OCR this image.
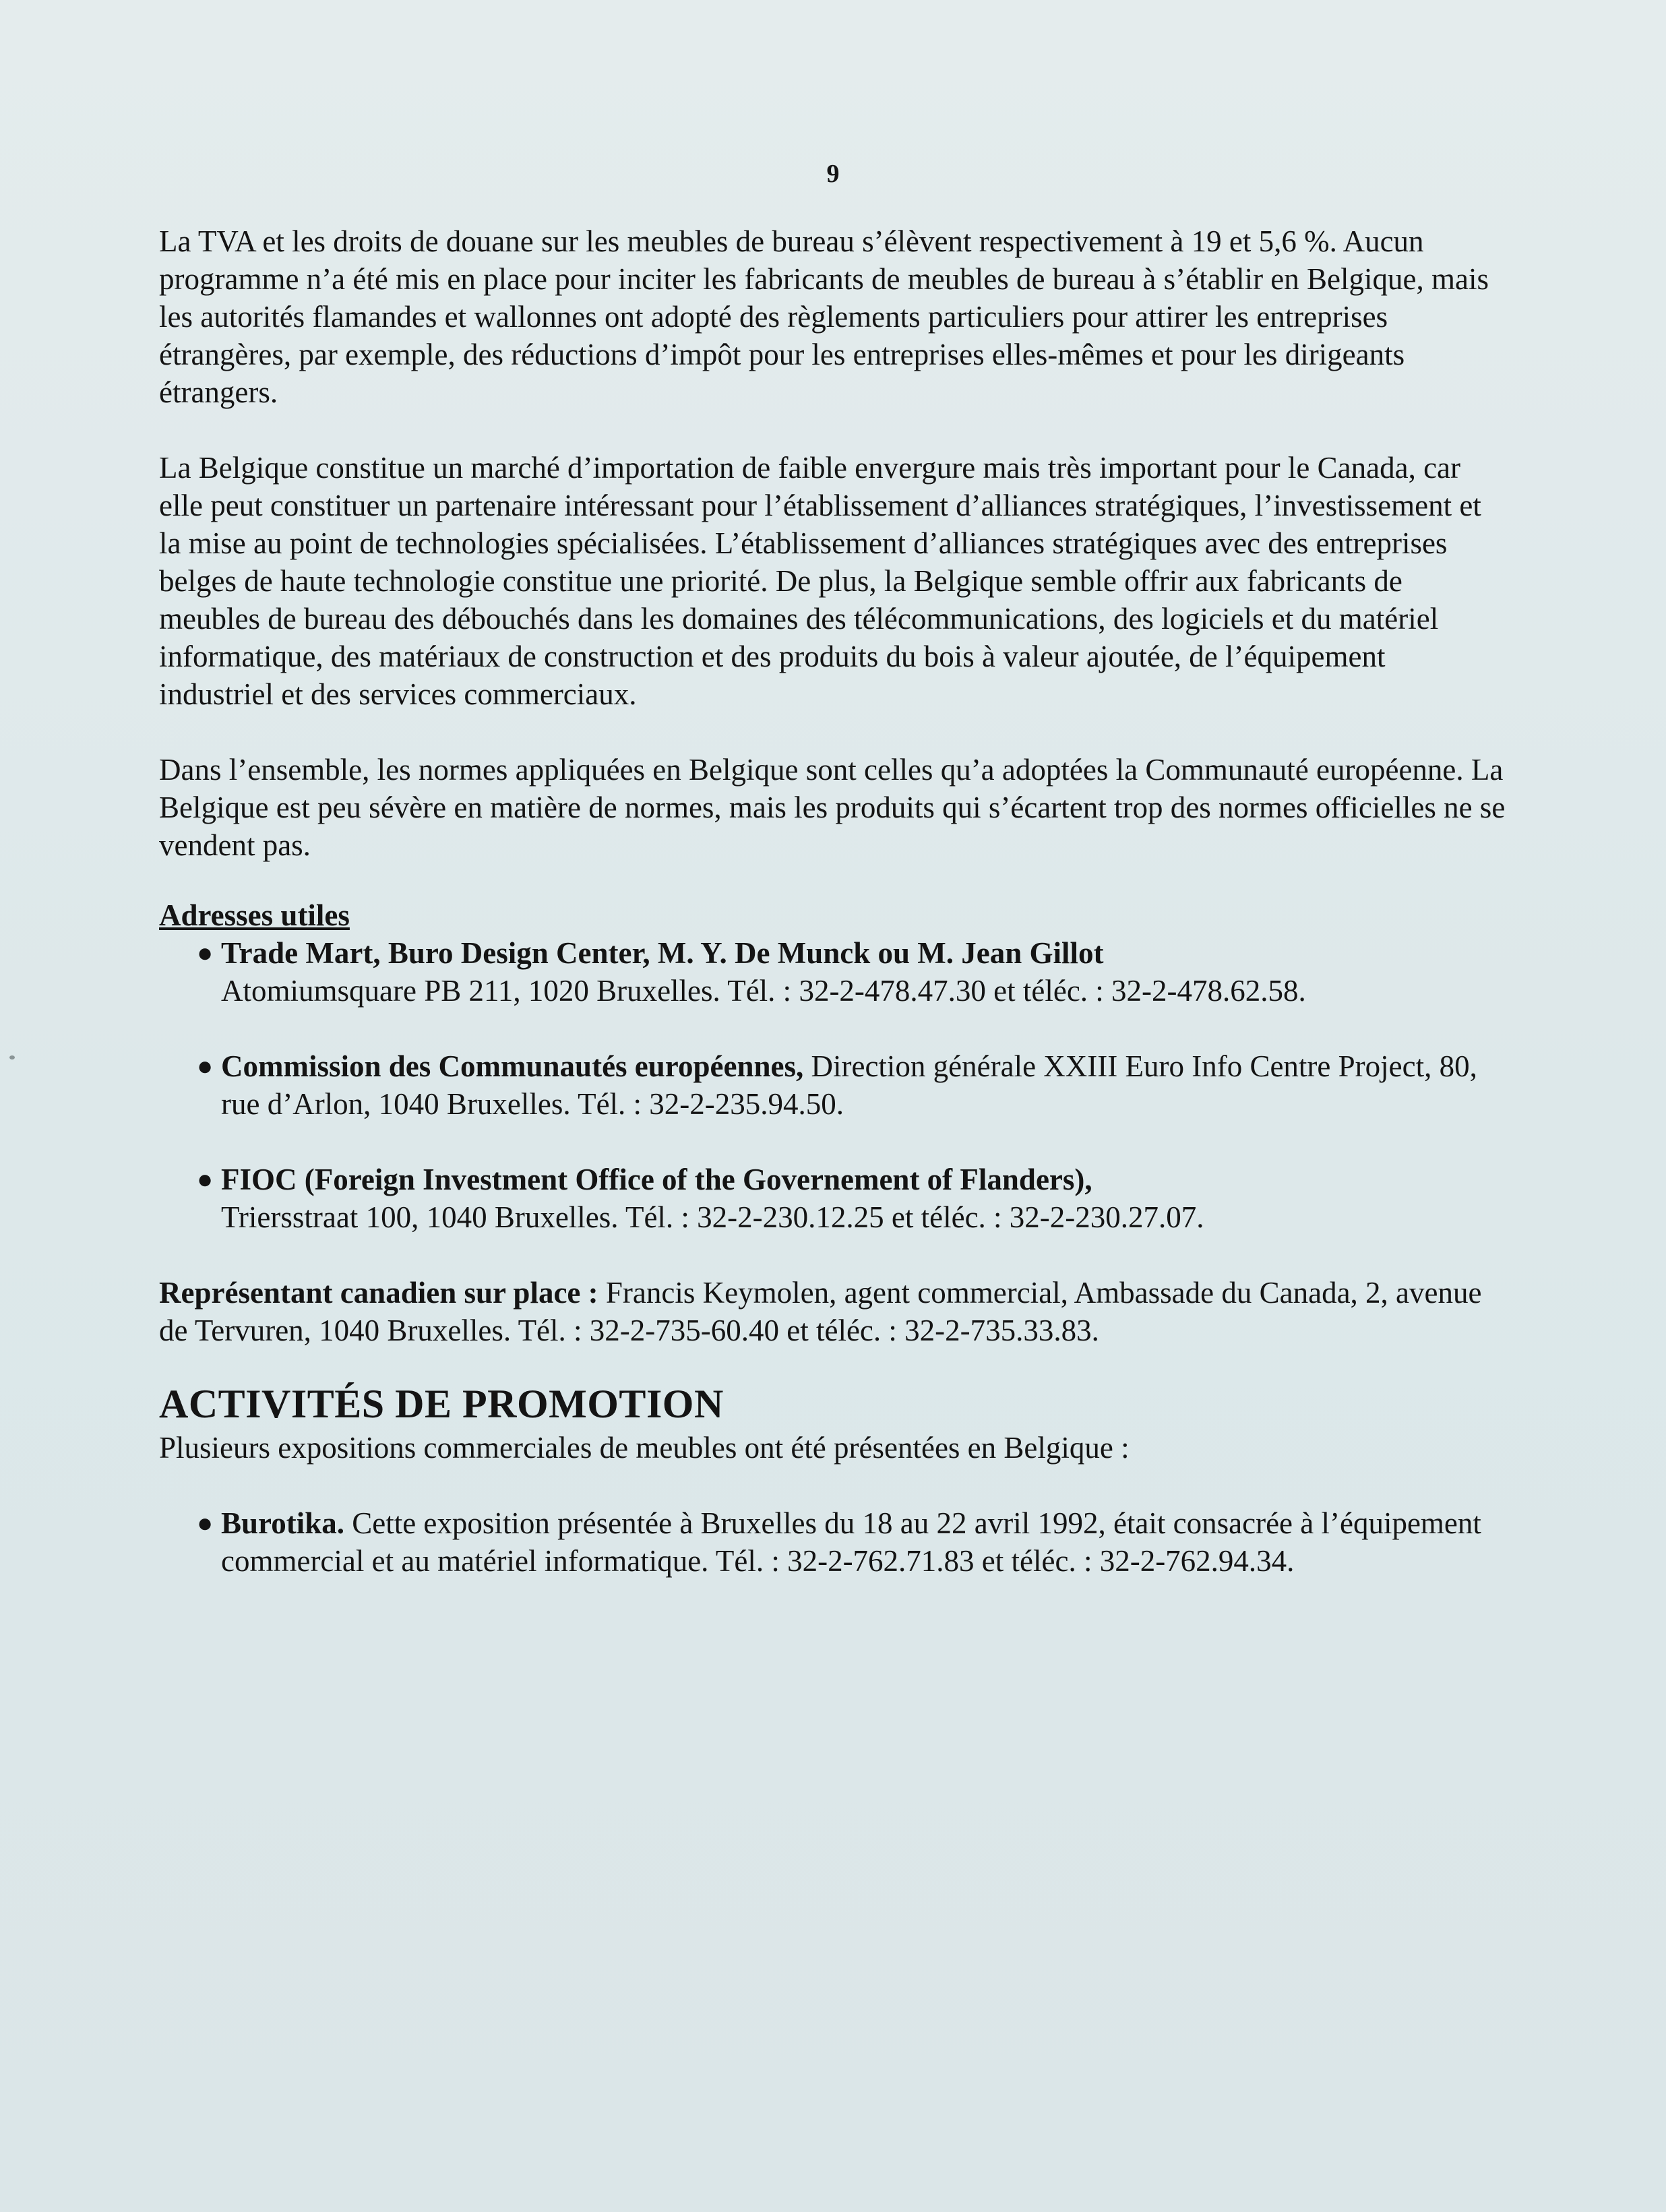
9

La TVA et les droits de douane sur les meubles de bureau s’élèvent respectivement à 19 et 5,6 %. Aucun programme n’a été mis en place pour inciter les fabricants de meubles de bureau à s’établir en Belgique, mais les autorités flamandes et wallonnes ont adopté des règlements particuliers pour attirer les entreprises étrangères, par exemple, des réductions d’impôt pour les entreprises elles-mêmes et pour les dirigeants étrangers.

La Belgique constitue un marché d’importation de faible envergure mais très important pour le Canada, car elle peut constituer un partenaire intéressant pour l’établissement d’alliances stratégiques, l’investissement et la mise au point de technologies spécialisées. L’établissement d’alliances stratégiques avec des entreprises belges de haute technologie constitue une priorité. De plus, la Belgique semble offrir aux fabricants de meubles de bureau des débouchés dans les domaines des télécommunications, des logiciels et du matériel informatique, des matériaux de construction et des produits du bois à valeur ajoutée, de l’équipement industriel et des services commerciaux.

Dans l’ensemble, les normes appliquées en Belgique sont celles qu’a adoptées la Communauté européenne. La Belgique est peu sévère en matière de normes, mais les produits qui s’écartent trop des normes officielles ne se vendent pas.

Adresses utiles

● Trade Mart, Buro Design Center, M. Y. De Munck ou M. Jean Gillot
Atomiumsquare PB 211, 1020 Bruxelles. Tél. : 32-2-478.47.30 et téléc. : 32-2-478.62.58.
● Commission des Communautés européennes, Direction générale XXIII Euro Info Centre Project, 80, rue d’Arlon, 1040 Bruxelles. Tél. : 32-2-235.94.50.
● FIOC (Foreign Investment Office of the Governement of Flanders),
Triersstraat 100, 1040 Bruxelles. Tél. : 32-2-230.12.25 et téléc. : 32-2-230.27.07.

Représentant canadien sur place : Francis Keymolen, agent commercial, Ambassade du Canada, 2, avenue de Tervuren, 1040 Bruxelles. Tél. : 32-2-735-60.40 et téléc. : 32-2-735.33.83.

ACTIVITÉS DE PROMOTION

Plusieurs expositions commerciales de meubles ont été présentées en Belgique :

● Burotika. Cette exposition présentée à Bruxelles du 18 au 22 avril 1992, était consacrée à l’équipement commercial et au matériel informatique. Tél. : 32-2-762.71.83 et téléc. : 32-2-762.94.34.
